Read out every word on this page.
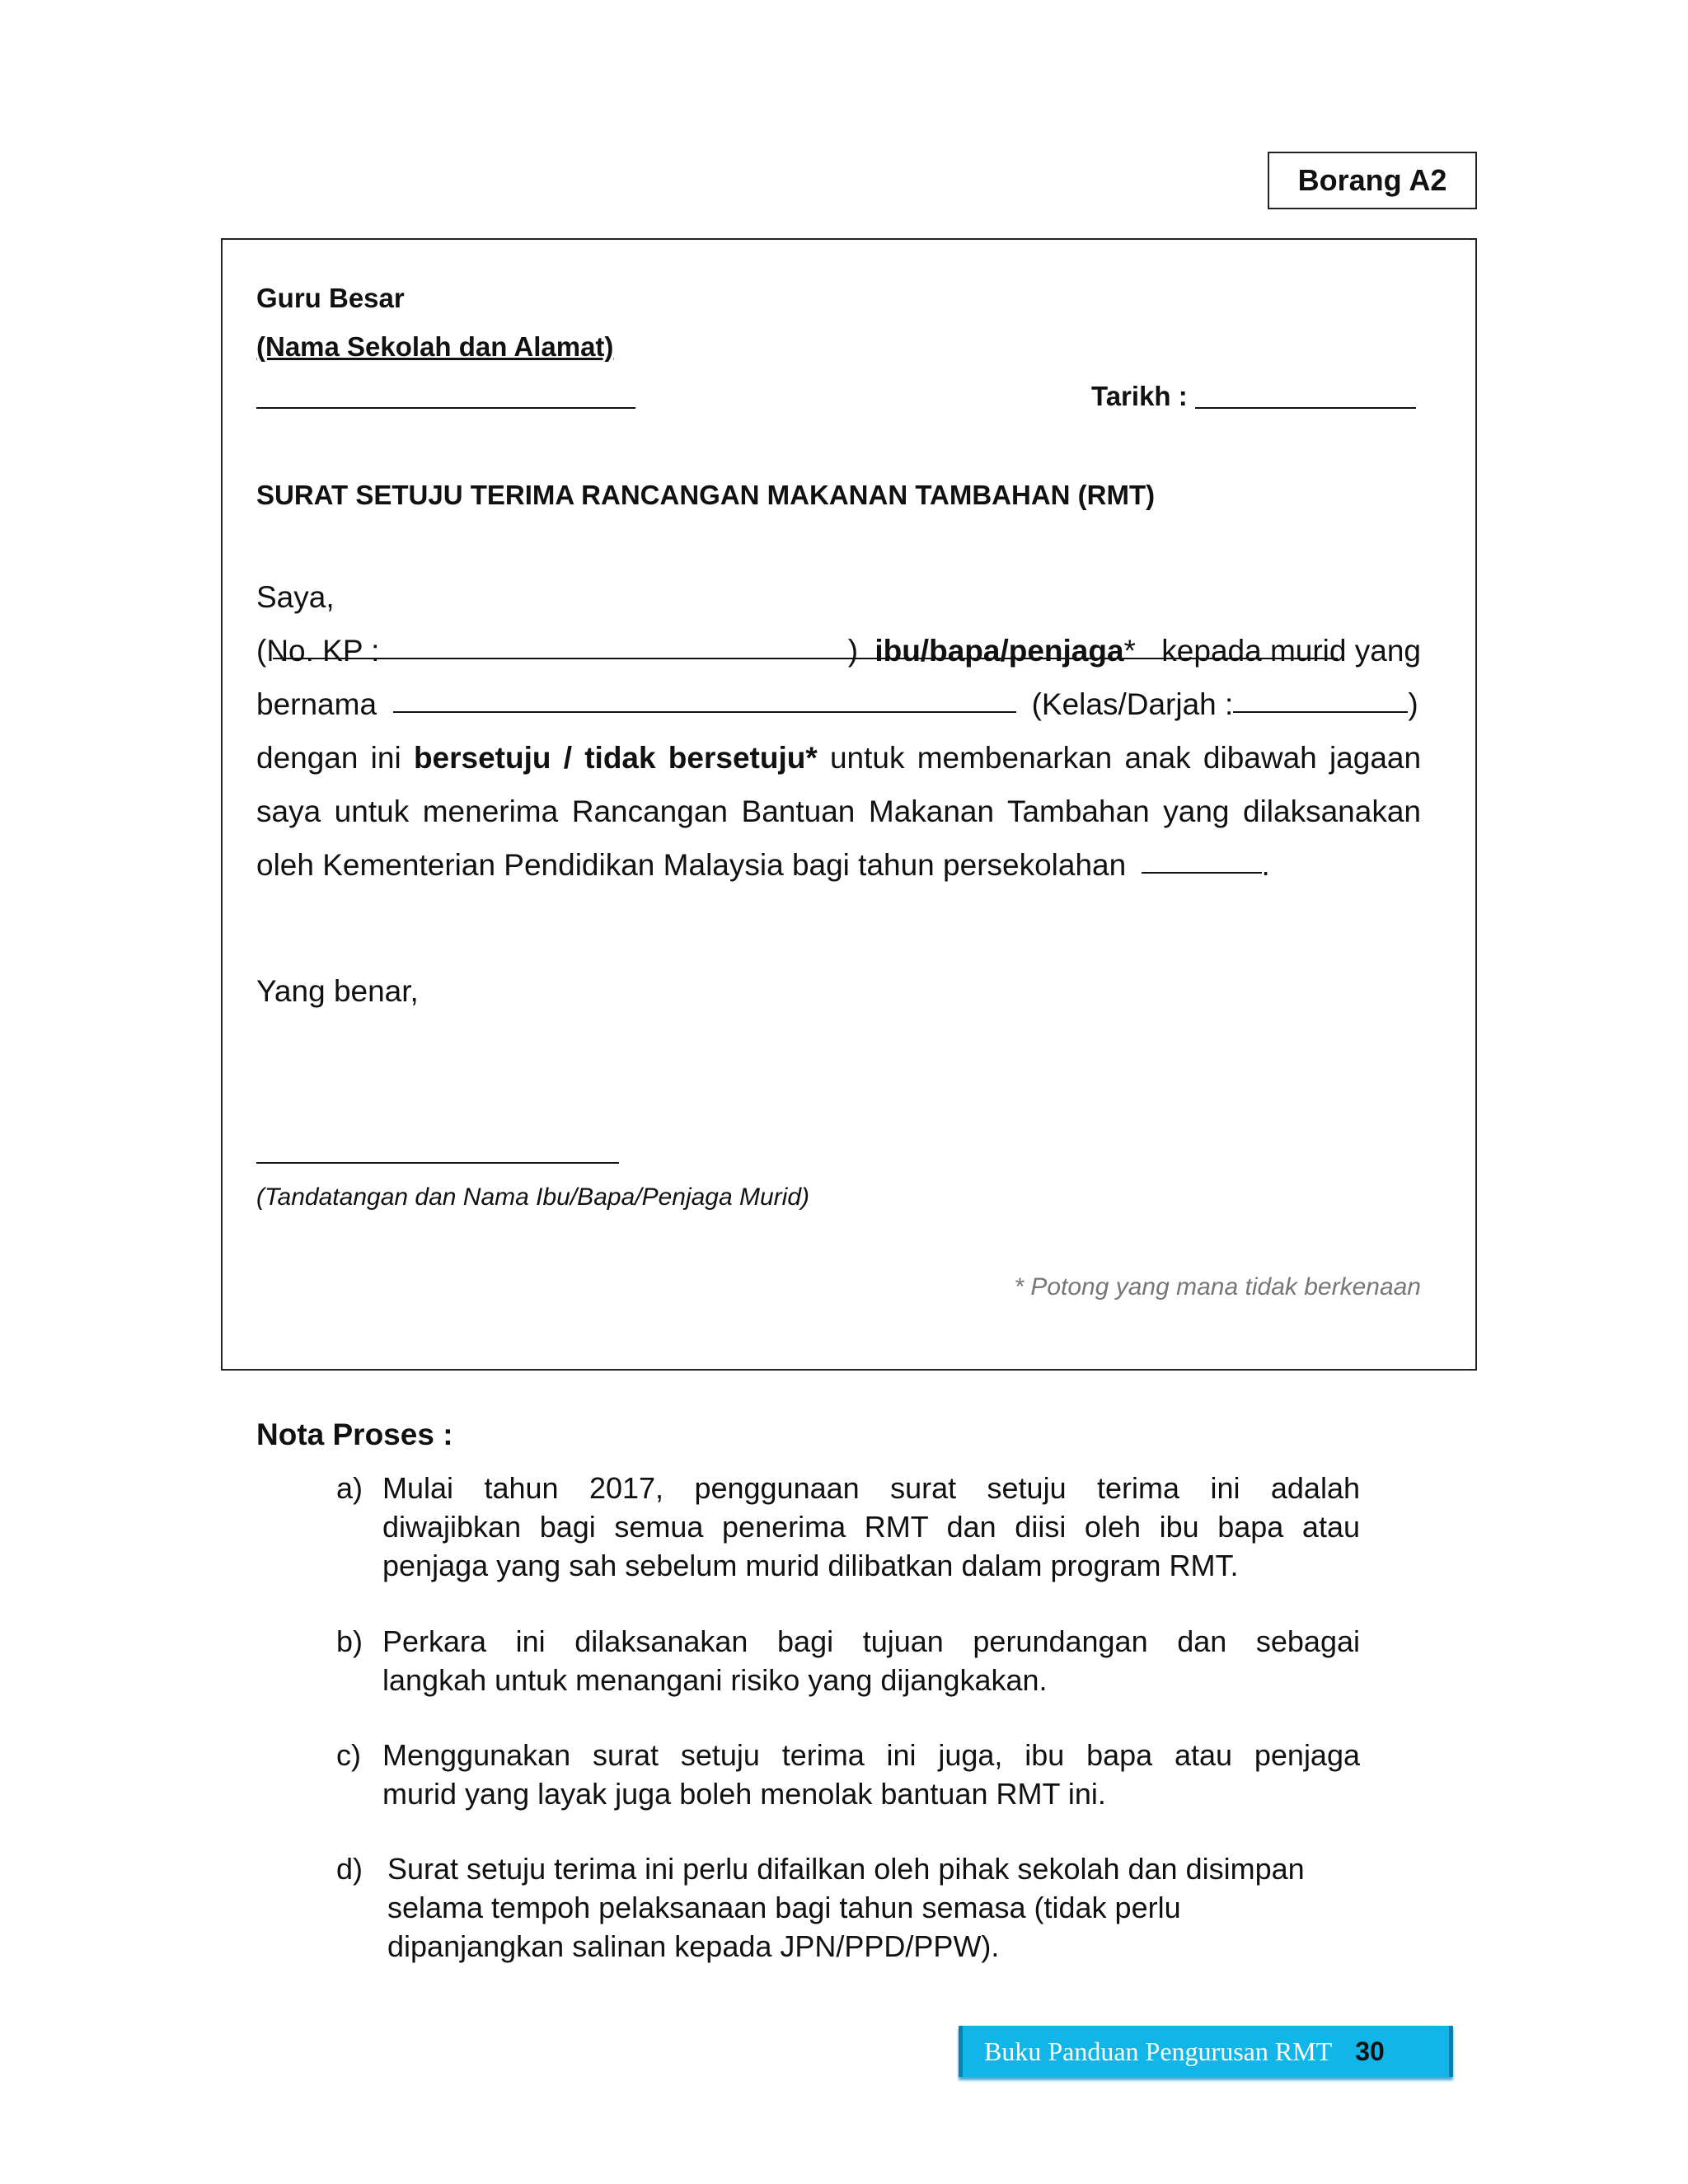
Borang A2
Guru Besar
(Nama Sekolah dan Alamat)
Tarikh :
SURAT SETUJU TERIMA RANCANGAN MAKANAN TAMBAHAN (RMT)
Saya,
(No. KP :	) ibu/bapa/penjaga* kepada murid yang
bernama	(Kelas/Darjah :	)
dengan ini bersetuju / tidak bersetuju* untuk membenarkan anak dibawah jagaan
saya untuk menerima Rancangan Bantuan Makanan Tambahan yang dilaksanakan
oleh Kementerian Pendidikan Malaysia bagi tahun persekolahan	.
Yang benar,
(Tandatangan dan Nama Ibu/Bapa/Penjaga Murid)
* Potong yang mana tidak berkenaan
Nota Proses :
a) Mulai tahun 2017, penggunaan surat setuju terima ini adalah
diwajibkan bagi semua penerima RMT dan diisi oleh ibu bapa atau
penjaga yang sah sebelum murid dilibatkan dalam program RMT.
b) Perkara ini dilaksanakan bagi tujuan perundangan dan sebagai
langkah untuk menangani risiko yang dijangkakan.
c) Menggunakan surat setuju terima ini juga, ibu bapa atau penjaga
murid yang layak juga boleh menolak bantuan RMT ini.
d) Surat setuju terima ini perlu difailkan oleh pihak sekolah dan disimpan
selama tempoh pelaksanaan bagi tahun semasa (tidak perlu
dipanjangkan salinan kepada JPN/PPD/PPW).
Buku Panduan Pengurusan RMT 30
